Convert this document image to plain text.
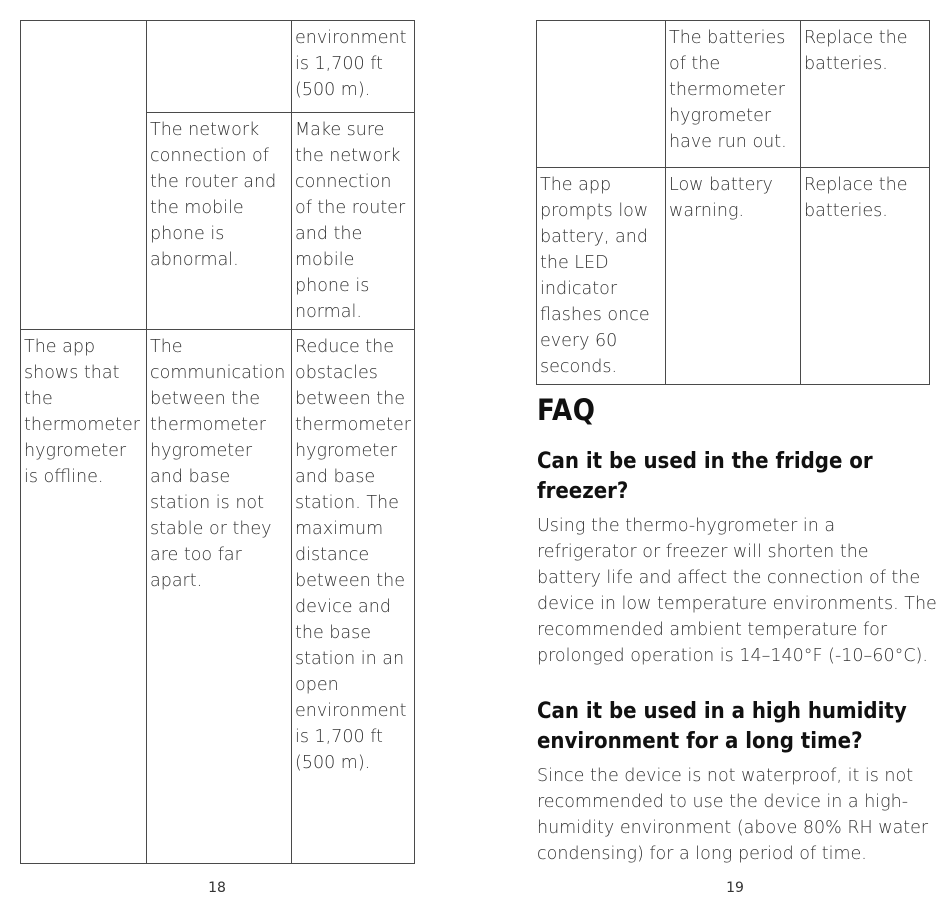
		environment is 1,700 ft (500 m).

	The network connection of the router and the mobile phone is abnormal.	Make sure the network connection of the router and the mobile phone is normal.

The app shows that the thermometer hygrometer is offline.	The communication between the thermometer hygrometer and base station is not stable or they are too far apart.	Reduce the obstacles between the thermometer hygrometer and base station. The maximum distance between the device and the base station in an open environment is 1,700 ft (500 m).
18

	The batteries of the thermometer hygrometer have run out.	Replace the batteries.

The app prompts low battery, and the LED indicator flashes once every 60 seconds.	Low battery warning.	Replace the batteries.
FAQ
Can it be used in the fridge or freezer?

Using the thermo-hygrometer in a refrigerator or freezer will shorten the battery life and affect the connection of the device in low temperature environments. The recommended ambient temperature for prolonged operation is 14–140°F (-10–60°C).

Can it be used in a high humidity environment for a long time?

Since the device is not waterproof, it is not recommended to use the device in a high-humidity environment (above 80% RH water condensing) for a long period of time.

19
